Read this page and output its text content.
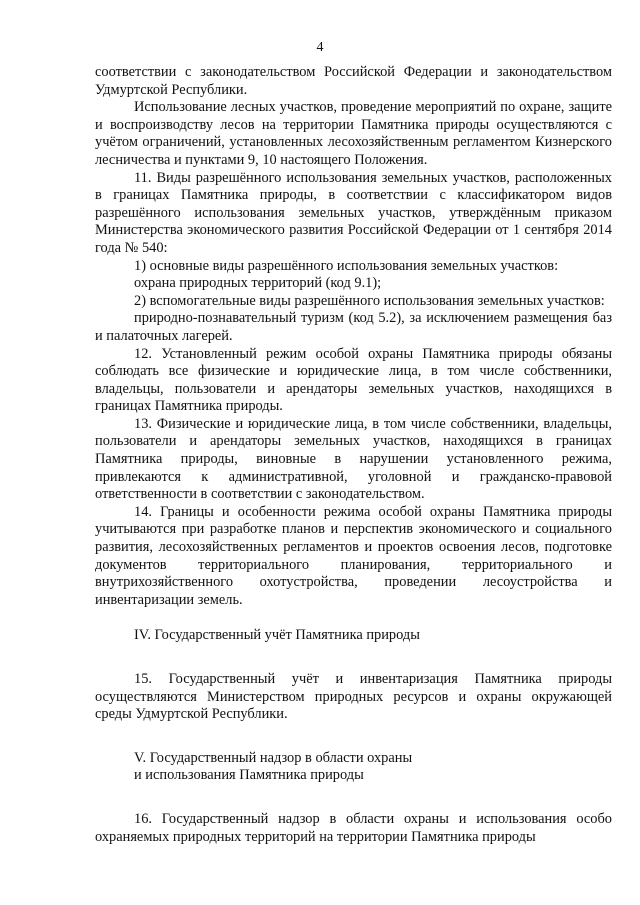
4

соответствии с законодательством Российской Федерации и законодательством Удмуртской Республики.

Использование лесных участков, проведение мероприятий по охране, защите и воспроизводству лесов на территории Памятника природы осуществляются с учётом ограничений, установленных лесохозяйственным регламентом Кизнерского лесничества и пунктами 9, 10 настоящего Положения.

11. Виды разрешённого использования земельных участков, расположенных в границах Памятника природы, в соответствии с классификатором видов разрешённого использования земельных участков, утверждённым приказом Министерства экономического развития Российской Федерации от 1 сентября 2014 года № 540:

1) основные виды разрешённого использования земельных участков:

охрана природных территорий (код 9.1);

2) вспомогательные виды разрешённого использования земельных участков:

природно-познавательный туризм (код 5.2), за исключением размещения баз и палаточных лагерей.

12. Установленный режим особой охраны Памятника природы обязаны соблюдать все физические и юридические лица, в том числе собственники, владельцы, пользователи и арендаторы земельных участков, находящихся в границах Памятника природы.

13. Физические и юридические лица, в том числе собственники, владельцы, пользователи и арендаторы земельных участков, находящихся в границах Памятника природы, виновные в нарушении установленного режима, привлекаются к административной, уголовной и гражданско-правовой ответственности в соответствии с законодательством.

14. Границы и особенности режима особой охраны Памятника природы учитываются при разработке планов и перспектив экономического и социального развития, лесохозяйственных регламентов и проектов освоения лесов, подготовке документов территориального планирования, территориального и внутрихозяйственного охотустройства, проведении лесоустройства и инвентаризации земель.

IV. Государственный учёт Памятника природы

15. Государственный учёт и инвентаризация Памятника природы осуществляются Министерством природных ресурсов и охраны окружающей среды Удмуртской Республики.

V. Государственный надзор в области охраны

и использования Памятника природы

16. Государственный надзор в области охраны и использования особо охраняемых природных территорий на территории Памятника природы
